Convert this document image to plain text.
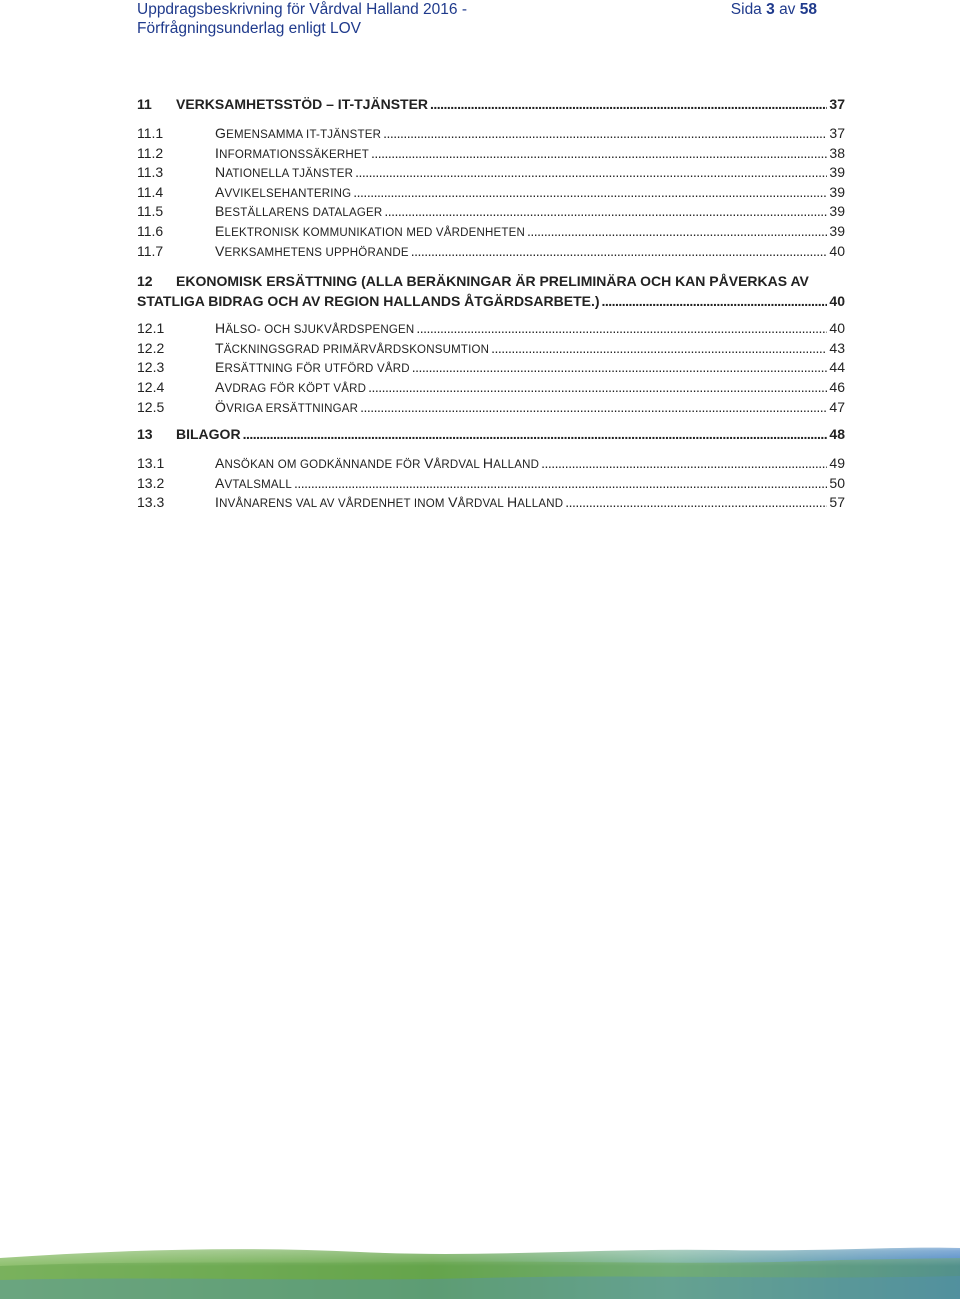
Uppdragsbeskrivning för Vårdval Halland 2016 -	Sida 3 av 58
Förfrågningsunderlag enligt LOV
11	VERKSAMHETSSTÖD – IT-TJÄNSTER . . .	37
11.1	GEMENSAMMA IT-TJÄNSTER . . .	37
11.2	INFORMATIONSSÄKERHET . . .	38
11.3	NATIONELLA TJÄNSTER . . .	39
11.4	AVVIKELSEHANTERING . . .	39
11.5	BESTÄLLARENS DATALAGER . . .	39
11.6	ELEKTRONISK KOMMUNIKATION MED VÅRDENHETEN . . .	39
11.7	VERKSAMHETENS UPPHÖRANDE . . .	40
12	EKONOMISK ERSÄTTNING (ALLA BERÄKNINGAR ÄR PRELIMINÄRA OCH KAN PÅVERKAS AV
STATLIGA BIDRAG OCH AV REGION HALLANDS ÅTGÄRDSARBETE.) . . .	40
12.1	HÄLSO- OCH SJUKVÅRDSPENGEN . . .	40
12.2	TÄCKNINGSGRAD PRIMÄRVÅRDSKONSUMTION . . .	43
12.3	ERSÄTTNING FÖR UTFÖRD VÅRD . . .	44
12.4	AVDRAG FÖR KÖPT VÅRD . . .	46
12.5	ÖVRIGA ERSÄTTNINGAR . . .	47
13	BILAGOR . . .	48
13.1	ANSÖKAN OM GODKÄNNANDE FÖR VÅRDVAL HALLAND . . .	49
13.2	AVTALSMALL . . .	50
13.3	INVÅNARENS VAL AV VÅRDENHET INOM VÅRDVAL HALLAND . . .	57
